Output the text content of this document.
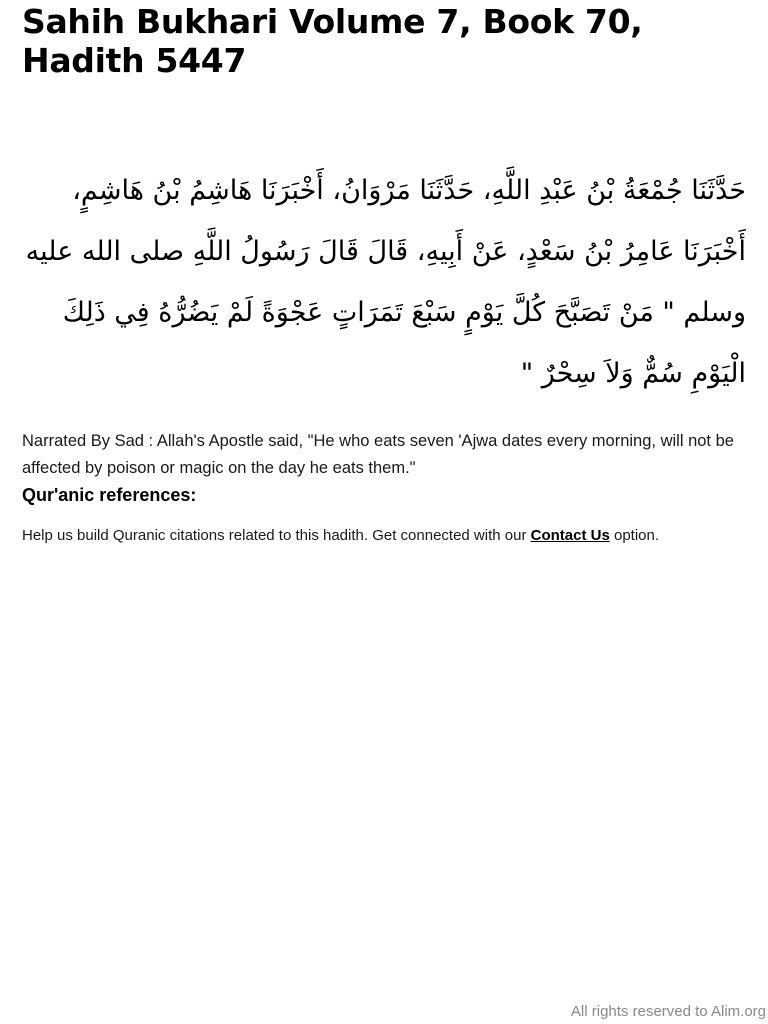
Sahih Bukhari Volume 7, Book 70, Hadith 5447

حَدَّثَنَا جُمْعَةُ بْنُ عَبْدِ اللَّهِ، حَدَّثَنَا مَرْوَانُ، أَخْبَرَنَا هَاشِمُ بْنُ هَاشِمٍ، أَخْبَرَنَا عَامِرُ بْنُ سَعْدٍ، عَنْ أَبِيهِ، قَالَ قَالَ رَسُولُ اللَّهِ صلى الله عليه وسلم " مَنْ تَصَبَّحَ كُلَّ يَوْمٍ سَبْعَ تَمَرَاتٍ عَجْوَةً لَمْ يَضُرُّهُ فِي ذَلِكَ الْيَوْمِ سُمٌّ وَلاَ سِحْرٌ "

Narrated By Sad : Allah's Apostle said, "He who eats seven 'Ajwa dates every morning, will not be affected by poison or magic on the day he eats them."

Qur'anic references:

Help us build Quranic citations related to this hadith. Get connected with our Contact Us option.

All rights reserved to Alim.org
